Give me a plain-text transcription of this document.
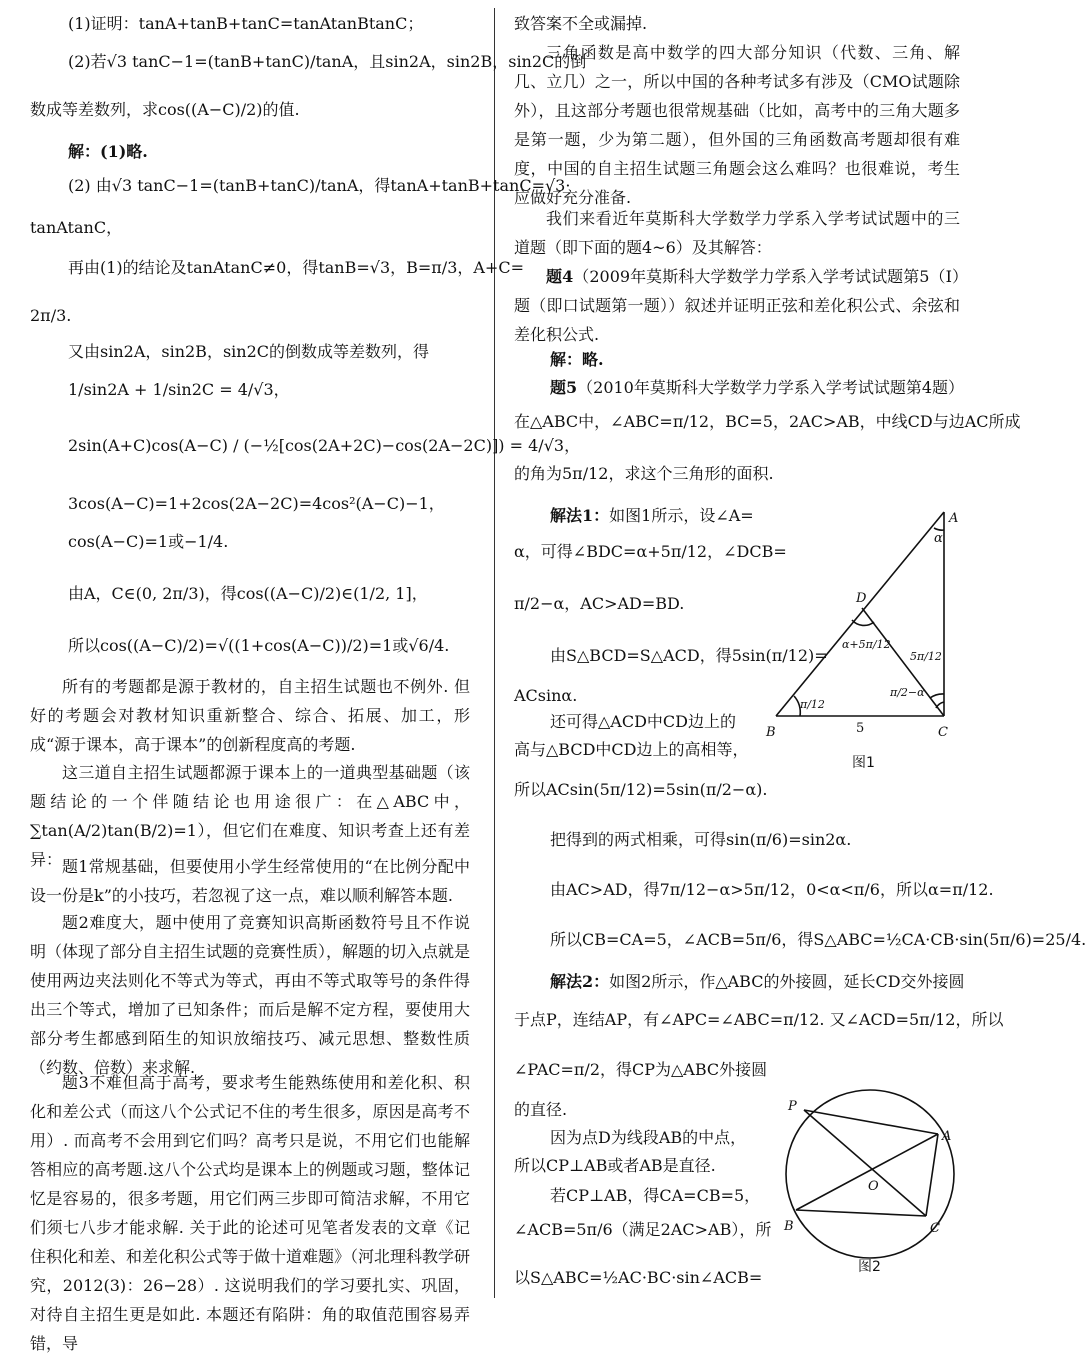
(1)证明：tanA+tanB+tanC=tanAtanBtanC；
(2)若√3 tanC−1=(tanB+tanC)/tanA，且sin2A，sin2B，sin2C的倒
数成等差数列，求cos((A−C)/2)的值.
解：(1)略.
(2) 由√3 tanC−1=(tanB+tanC)/tanA，得tanA+tanB+tanC=√3·
tanAtanC，
再由(1)的结论及tanAtanC≠0，得tanB=√3，B=π/3，A+C=
2π/3.
又由sin2A，sin2B，sin2C的倒数成等差数列，得
1/sin2A + 1/sin2C = 4/√3，
2sin(A+C)cos(A−C) / (−½[cos(2A+2C)−cos(2A−2C)]) = 4/√3，
3cos(A−C)=1+2cos(2A−2C)=4cos²(A−C)−1，
cos(A−C)=1或−1/4.
由A，C∈(0, 2π/3)，得cos((A−C)/2)∈(1/2, 1]，
所以cos((A−C)/2)=√((1+cos(A−C))/2)=1或√6/4.
所有的考题都是源于教材的，自主招生试题也不例外. 但好的考题会对教材知识重新整合、综合、拓展、加工，形成“源于课本，高于课本”的创新程度高的考题.
这三道自主招生试题都源于课本上的一道典型基础题（该题结论的一个伴随结论也用途很广：在△ABC中，∑tan(A/2)tan(B/2)=1），但它们在难度、知识考查上还有差异： 题1常规基础，但要使用小学生经常使用的“在比例分配中设一份是k”的小技巧，若忽视了这一点，难以顺利解答本题.
题2难度大，题中使用了竞赛知识高斯函数符号且不作说明（体现了部分自主招生试题的竞赛性质），解题的切入点就是使用两边夹法则化不等式为等式，再由不等式取等号的条件得出三个等式，增加了已知条件；而后是解不定方程，要使用大部分考生都感到陌生的知识放缩技巧、减元思想、整数性质（约数、倍数）来求解.
题3不难但高于高考，要求考生能熟练使用和差化积、积化和差公式（而这八个公式记不住的考生很多，原因是高考不用）. 而高考不会用到它们吗？高考只是说，不用它们也能解答相应的高考题.这八个公式均是课本上的例题或习题，整体记忆是容易的，很多考题，用它们两三步即可简洁求解，不用它们须七八步才能求解. 关于此的论述可见笔者发表的文章《记住积化和差、和差化积公式等于做十道难题》（河北理科教学研究，2012(3)：26−28）. 这说明我们的学习要扎实、巩固，对待自主招生更是如此. 本题还有陷阱：角的取值范围容易弄错，导
致答案不全或漏掉.
三角函数是高中数学的四大部分知识（代数、三角、解几、立几）之一，所以中国的各种考试多有涉及（CMO试题除外），且这部分考题也很常规基础（比如，高考中的三角大题多是第一题，少为第二题），但外国的三角函数高考题却很有难度，中国的自主招生试题三角题会这么难吗？也很难说，考生应做好充分准备.
我们来看近年莫斯科大学数学力学系入学考试试题中的三道题（即下面的题4~6）及其解答：
题4（2009年莫斯科大学数学力学系入学考试试题第5（Ⅰ）题（即口试题第一题））叙述并证明正弦和差化积公式、余弦和差化积公式.
解：略.
题5（2010年莫斯科大学数学力学系入学考试试题第4题）
在△ABC中，∠ABC=π/12，BC=5，2AC>AB，中线CD与边AC所成
的角为5π/12，求这个三角形的面积.
解法1：如图1所示，设∠A=
α，可得∠BDC=α+5π/12，∠DCB=
π/2−α，AC>AD=BD.
由S△BCD=S△ACD，得5sin(π/12)=
ACsinα.
还可得△ACD中CD边上的
高与△BCD中CD边上的高相等，
所以ACsin(5π/12)=5sin(π/2−α).
把得到的两式相乘，可得sin(π/6)=sin2α.
由AC>AD，得7π/12−α>5π/12，0<α<π/6，所以α=π/12.
所以CB=CA=5，∠ACB=5π/6，得S△ABC=½CA·CB·sin(5π/6)=25/4.
解法2：如图2所示，作△ABC的外接圆，延长CD交外接圆
于点P，连结AP，有∠APC=∠ABC=π/12. 又∠ACD=5π/12，所以
∠PAC=π/2，得CP为△ABC外接圆
的直径.
因为点D为线段AB的中点，
所以CP⊥AB或者AB是直径.
若CP⊥AB，得CA=CB=5，
∠ACB=5π/6（满足2AC>AB），所
以S△ABC=½AC·BC·sin∠ACB=
A
B	C
D
α
α+5π/12
π/12
π/2−α
5π/12
5
图1
P
A
B	C
O
图2
